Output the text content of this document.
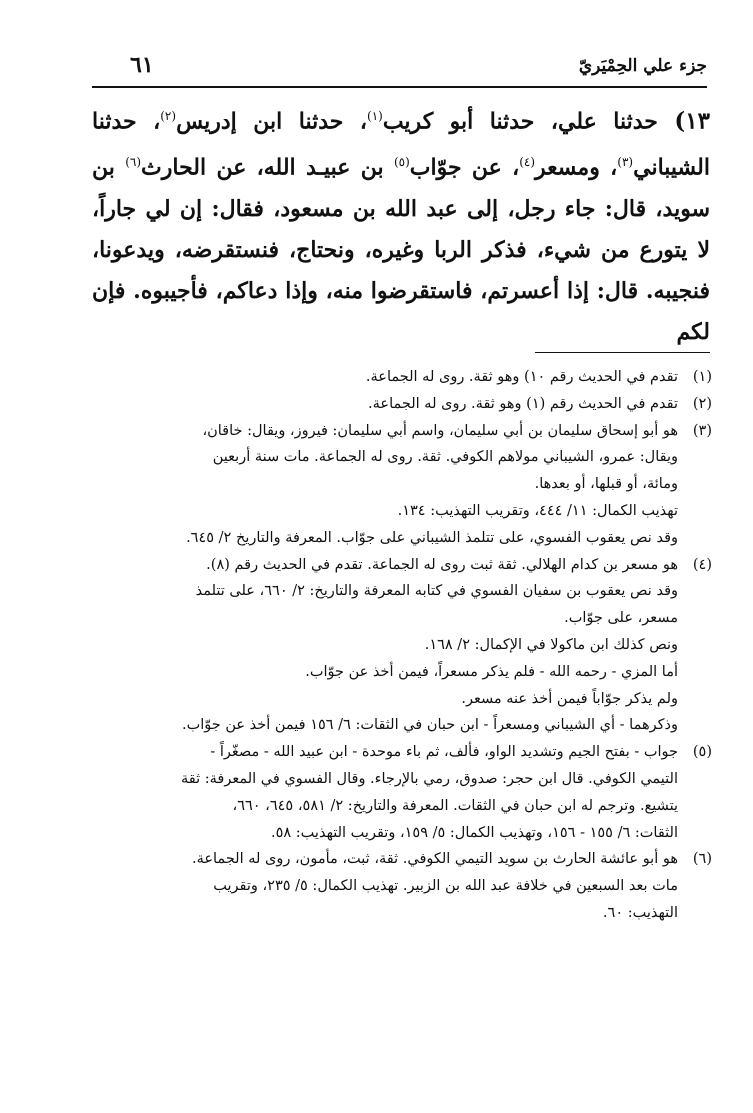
جزء علي الحِمْيَريّ
٦١
١٣) حدثنا علي، حدثنا أبو كريب$^{(١)}$، حدثنا ابن إدريس$^{(٢)}$، حدثنا الشيباني$^{(٣)}$، ومسعر$^{(٤)}$، عن جوّاب$^{(٥)}$ بن عبيـد الله، عن الحارث$^{(٦)}$ بن سويد، قال: جاء رجل، إلى عبد الله بن مسعود، فقال: إن لي جاراً، لا يتورع من شيء، فذكر الربا وغيره، ونحتاج، فنستقرضه، ويدعونا، فنجيبه. قال: إذا أعسرتم، فاستقرضوا منه، وإذا دعاكم، فأجيبوه. فإن لكم
(١)
تقدم في الحديث رقم ١٠) وهو ثقة. روى له الجماعة.
(٢)
تقدم في الحديث رقم (١) وهو ثقة. روى له الجماعة.
(٣)
هو أبو إسحاق سليمان بن أبي سليمان، واسم أبي سليمان: فيروز، ويقال: خاقان،
ويقال: عمرو، الشيباني مولاهم الكوفي. ثقة. روى له الجماعة. مات سنة أربعين
ومائة، أو قبلها، أو بعدها.
تهذيب الكمال: ١١/ ٤٤٤، وتقريب التهذيب: ١٣٤.
وقد نص يعقوب الفسوي، على تتلمذ الشيباني على جوّاب. المعرفة والتاريخ ٢/ ٦٤٥.
(٤)
هو مسعر بن كدام الهلالي. ثقة ثبت روى له الجماعة. تقدم في الحديث رقم (٨).
وقد نص يعقوب بن سفيان الفسوي في كتابه المعرفة والتاريخ: ٢/ ٦٦٠، على تتلمذ
مسعر، على جوّاب.
ونص كذلك ابن ماكولا في الإكمال: ٢/ ١٦٨.
أما المزي - رحمه الله - فلم يذكر مسعراً، فيمن أخذ عن جوّاب.
ولم يذكر جوّاباً فيمن أخذ عنه مسعر.
وذكرهما - أي الشيباني ومسعراً - ابن حبان في الثقات: ٦/ ١٥٦ فيمن أخذ عن جوّاب.
(٥)
جواب - بفتح الجيم وتشديد الواو، فألف، ثم باء موحدة - ابن عبيد الله - مصغّراً -
التيمي الكوفي. قال ابن حجر: صدوق، رمي بالإرجاء. وقال الفسوي في المعرفة: ثقة
يتشيع. وترجم له ابن حبان في الثقات. المعرفة والتاريخ: ٢/ ٥٨١، ٦٤٥، ٦٦٠،
الثقات: ٦/ ١٥٥ - ١٥٦، وتهذيب الكمال: ٥/ ١٥٩، وتقريب التهذيب: ٥٨.
(٦)
هو أبو عائشة الحارث بن سويد التيمي الكوفي. ثقة، ثبت، مأمون، روى له الجماعة.
مات بعد السبعين في خلافة عبد الله بن الزبير. تهذيب الكمال: ٥/ ٢٣٥، وتقريب
التهذيب: ٦٠.
